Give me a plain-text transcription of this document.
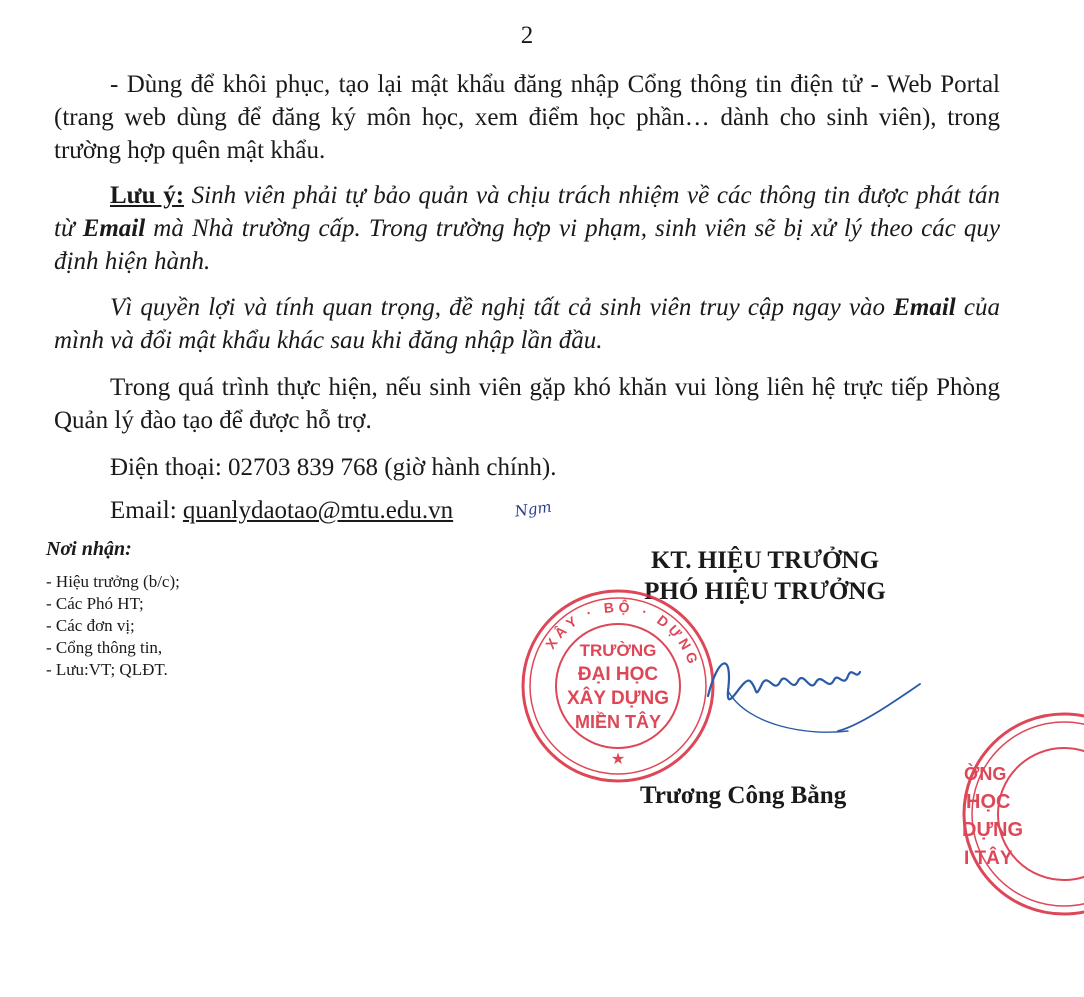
2
- Dùng để khôi phục, tạo lại mật khẩu đăng nhập Cổng thông tin điện tử - Web Portal (trang web dùng để đăng ký môn học, xem điểm học phần… dành cho sinh viên), trong trường hợp quên mật khẩu.
Lưu ý: Sinh viên phải tự bảo quản và chịu trách nhiệm về các thông tin được phát tán từ Email mà Nhà trường cấp. Trong trường hợp vi phạm, sinh viên sẽ bị xử lý theo các quy định hiện hành.
Vì quyền lợi và tính quan trọng, đề nghị tất cả sinh viên truy cập ngay vào Email của mình và đổi mật khẩu khác sau khi đăng nhập lần đầu.
Trong quá trình thực hiện, nếu sinh viên gặp khó khăn vui lòng liên hệ trực tiếp Phòng Quản lý đào tạo để được hỗ trợ.
Điện thoại: 02703 839 768 (giờ hành chính).
Email: quanlydaotao@mtu.edu.vn	Ngm
Nơi nhận:
- Hiệu trưởng (b/c);
- Các Phó HT;
- Các đơn vị;
- Cổng thông tin,
- Lưu:VT; QLĐT.
KT. HIỆU TRƯỞNG
PHÓ HIỆU TRƯỞNG
XÂY · BỘ · DỰNG
TRƯỜNG
ĐẠI HỌC
XÂY DỰNG
MIỀN TÂY
★
Trương Công Bằng
ỜNG
HỌC
DỰNG
I TÂY
